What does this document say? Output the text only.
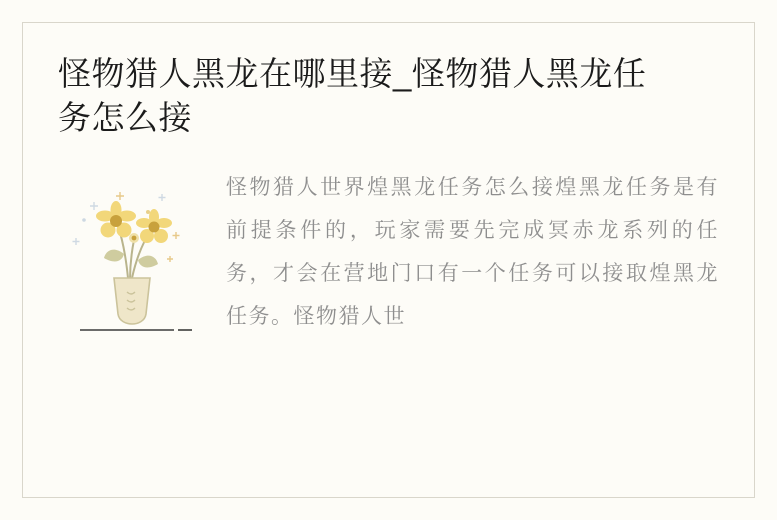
怪物猎人黑龙在哪里接_怪物猎人黑龙任务怎么接
怪物猎人世界煌黑龙任务怎么接煌黑龙任务是有前提条件的，玩家需要先完成冥赤龙系列的任务，才会在营地门口有一个任务可以接取煌黑龙任务。怪物猎人世
